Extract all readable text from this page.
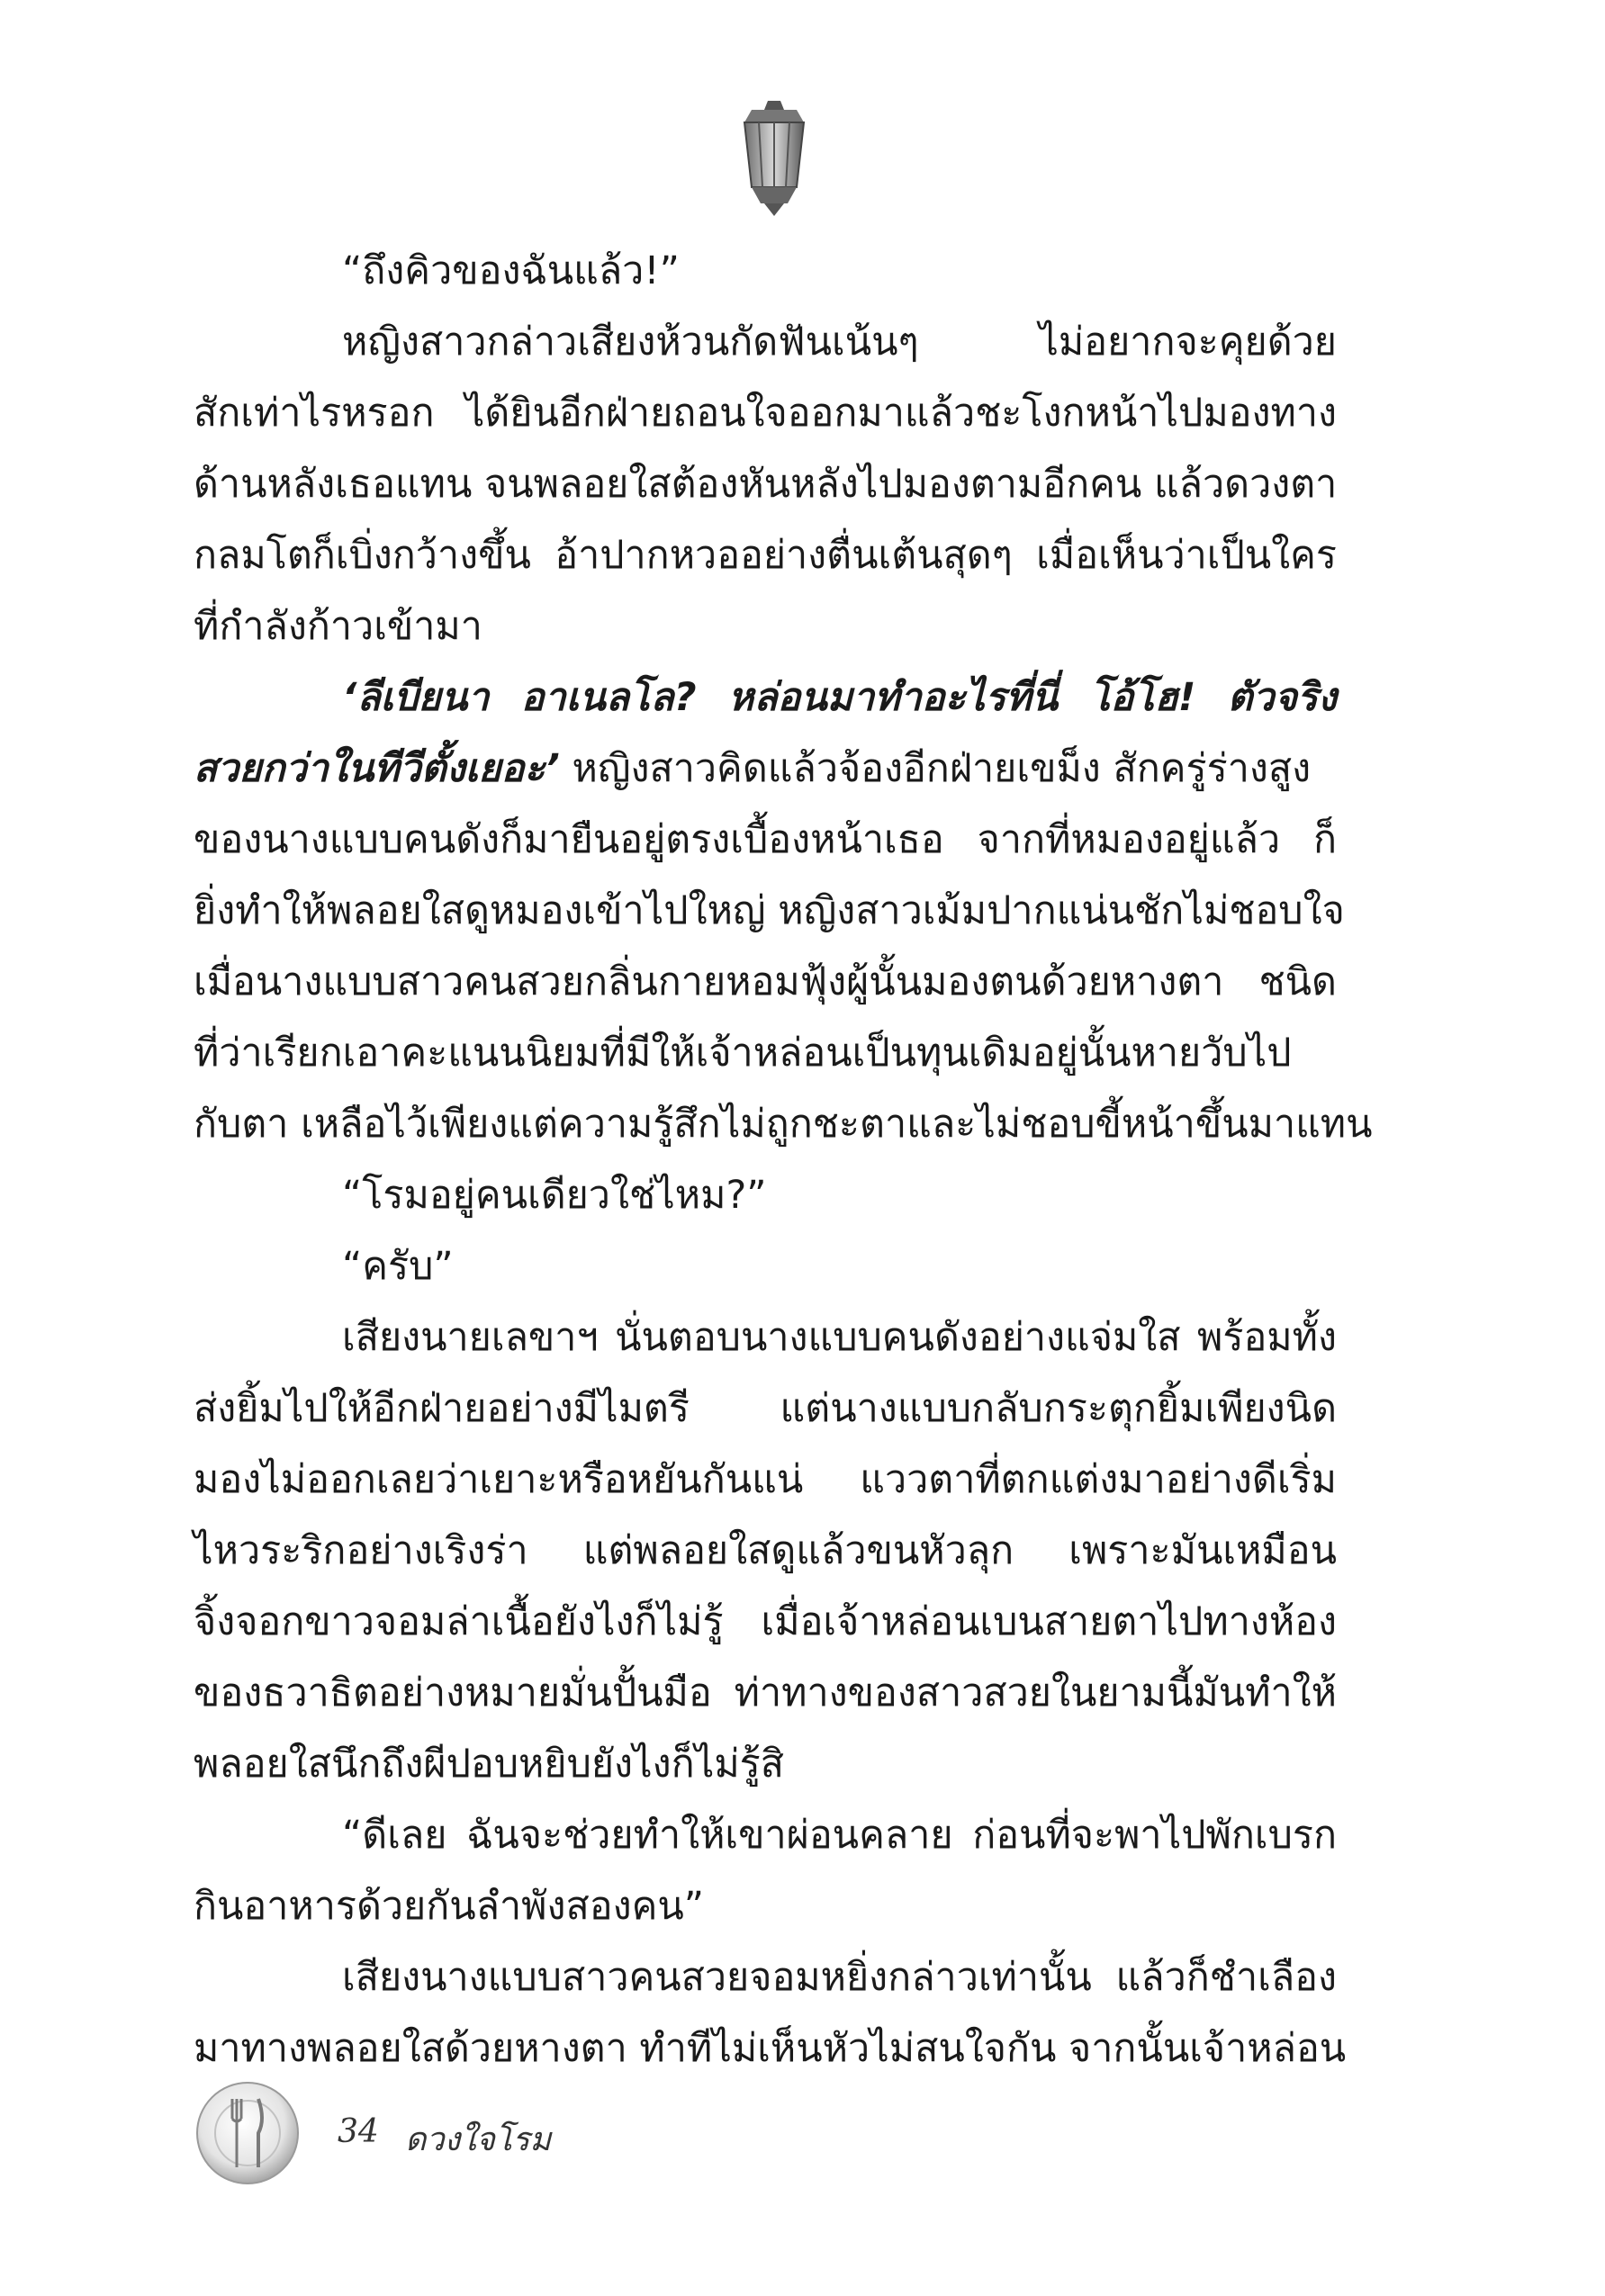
“ถึงคิวของฉันแล้ว!”
หญิงสาวกล่าวเสียงห้วนกัดฟันเน้นๆ ไม่อยากจะคุยด้วย
สักเท่าไรหรอก ได้ยินอีกฝ่ายถอนใจออกมาแล้วชะโงกหน้าไปมองทาง
ด้านหลังเธอแทน จนพลอยใสต้องหันหลังไปมองตามอีกคน แล้วดวงตา
กลมโตก็เบิ่งกว้างขึ้น อ้าปากหวออย่างตื่นเต้นสุดๆ เมื่อเห็นว่าเป็นใคร
ที่กำลังก้าวเข้ามา
‘ลีเบียนา อาเนลโล? หล่อนมาทำอะไรที่นี่ โอ้โฮ! ตัวจริง
สวยกว่าในทีวีตั้งเยอะ’ หญิงสาวคิดแล้วจ้องอีกฝ่ายเขม็ง สักครู่ร่างสูง
ของนางแบบคนดังก็มายืนอยู่ตรงเบื้องหน้าเธอ จากที่หมองอยู่แล้ว ก็
ยิ่งทำให้พลอยใสดูหมองเข้าไปใหญ่ หญิงสาวเม้มปากแน่นชักไม่ชอบใจ
เมื่อนางแบบสาวคนสวยกลิ่นกายหอมฟุ้งผู้นั้นมองตนด้วยหางตา ชนิด
ที่ว่าเรียกเอาคะแนนนิยมที่มีให้เจ้าหล่อนเป็นทุนเดิมอยู่นั้นหายวับไป
กับตา เหลือไว้เพียงแต่ความรู้สึกไม่ถูกชะตาและไม่ชอบขี้หน้าขึ้นมาแทน
“โรมอยู่คนเดียวใช่ไหม?”
“ครับ”
เสียงนายเลขาฯ นั่นตอบนางแบบคนดังอย่างแจ่มใส พร้อมทั้ง
ส่งยิ้มไปให้อีกฝ่ายอย่างมีไมตรี แต่นางแบบกลับกระตุกยิ้มเพียงนิด
มองไม่ออกเลยว่าเยาะหรือหยันกันแน่ แววตาที่ตกแต่งมาอย่างดีเริ่ม
ไหวระริกอย่างเริงร่า แต่พลอยใสดูแล้วขนหัวลุก เพราะมันเหมือน
จิ้งจอกขาวจอมล่าเนื้อยังไงก็ไม่รู้ เมื่อเจ้าหล่อนเบนสายตาไปทางห้อง
ของธวาธิตอย่างหมายมั่นปั้นมือ ท่าทางของสาวสวยในยามนี้มันทำให้
พลอยใสนึกถึงผีปอบหยิบยังไงก็ไม่รู้สิ
“ดีเลย ฉันจะช่วยทำให้เขาผ่อนคลาย ก่อนที่จะพาไปพักเบรก
กินอาหารด้วยกันลำพังสองคน”
เสียงนางแบบสาวคนสวยจอมหยิ่งกล่าวเท่านั้น แล้วก็ชำเลือง
มาทางพลอยใสด้วยหางตา ทำทีไม่เห็นหัวไม่สนใจกัน จากนั้นเจ้าหล่อน
34 ดวงใจโรม
